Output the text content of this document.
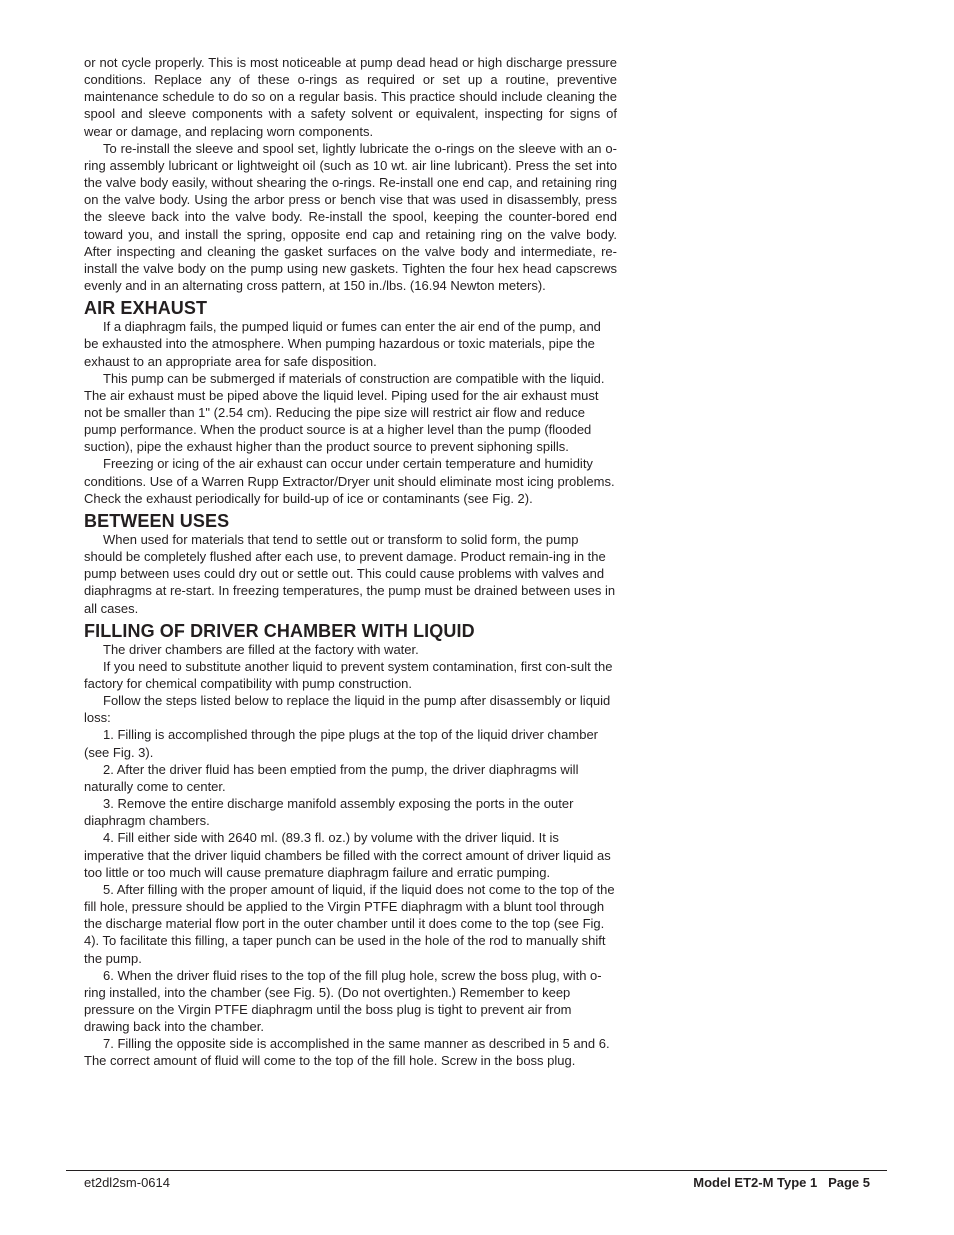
or not cycle properly. This is most noticeable at pump dead head or high discharge pressure conditions. Replace any of these o-rings as required or set up a routine, preventive maintenance schedule to do so on a regular basis. This practice should include cleaning the spool and sleeve components with a safety solvent or equivalent, inspecting for signs of wear or damage, and replacing worn components.

To re-install the sleeve and spool set, lightly lubricate the o-rings on the sleeve with an o-ring assembly lubricant or lightweight oil (such as 10 wt. air line lubricant). Press the set into the valve body easily, without shearing the o-rings. Re-install one end cap, and retaining ring on the valve body. Using the arbor press or bench vise that was used in disassembly, press the sleeve back into the valve body. Re-install the spool, keeping the counter-bored end toward you, and install the spring, opposite end cap and retaining ring on the valve body. After inspecting and cleaning the gasket surfaces on the valve body and intermediate, re-install the valve body on the pump using new gaskets. Tighten the four hex head capscrews evenly and in an alternating cross pattern, at 150 in./lbs. (16.94 Newton meters).

AIR EXHAUST

If a diaphragm fails, the pumped liquid or fumes can enter the air end of the pump, and be exhausted into the atmosphere. When pumping hazardous or toxic materials, pipe the exhaust to an appropriate area for safe disposition.

This pump can be submerged if materials of construction are compatible with the liquid. The air exhaust must be piped above the liquid level. Piping used for the air exhaust must not be smaller than 1" (2.54 cm). Reducing the pipe size will restrict air flow and reduce pump performance. When the product source is at a higher level than the pump (flooded suction), pipe the exhaust higher than the product source to prevent siphoning spills.

Freezing or icing of the air exhaust can occur under certain temperature and humidity conditions. Use of a Warren Rupp Extractor/Dryer unit should eliminate most icing problems. Check the exhaust periodically for build-up of ice or contaminants (see Fig. 2).

BETWEEN USES

When used for materials that tend to settle out or transform to solid form, the pump should be completely flushed after each use, to prevent damage. Product remain-ing in the pump between uses could dry out or settle out. This could cause problems with valves and diaphragms at re-start. In freezing temperatures, the pump must be drained between uses in all cases.

FILLING OF DRIVER CHAMBER WITH LIQUID

The driver chambers are filled at the factory with water.

If you need to substitute another liquid to prevent system contamination, first con-sult the factory for chemical compatibility with pump construction.

Follow the steps listed below to replace the liquid in the pump after disassembly or liquid loss:

1. Filling is accomplished through the pipe plugs at the top of the liquid driver chamber (see Fig. 3).

2. After the driver fluid has been emptied from the pump, the driver diaphragms will naturally come to center.

3. Remove the entire discharge manifold assembly exposing the ports in the outer diaphragm chambers.

4. Fill either side with 2640 ml. (89.3 fl. oz.) by volume with the driver liquid. It is imperative that the driver liquid chambers be filled with the correct amount of driver liquid as too little or too much will cause premature diaphragm failure and erratic pumping.

5. After filling with the proper amount of liquid, if the liquid does not come to the top of the fill hole, pressure should be applied to the Virgin PTFE diaphragm with a blunt tool through the discharge material flow port in the outer chamber until it does come to the top (see Fig. 4). To facilitate this filling, a taper punch can be used in the hole of the rod to manually shift the pump.

6. When the driver fluid rises to the top of the fill plug hole, screw the boss plug, with o-ring installed, into the chamber (see Fig. 5). (Do not overtighten.) Remember to keep pressure on the Virgin PTFE diaphragm until the boss plug is tight to prevent air from drawing back into the chamber.

7. Filling the opposite side is accomplished in the same manner as described in 5 and 6. The correct amount of fluid will come to the top of the fill hole. Screw in the boss plug.

et2dl2sm-0614	Model ET2-M Type 1   Page 5
